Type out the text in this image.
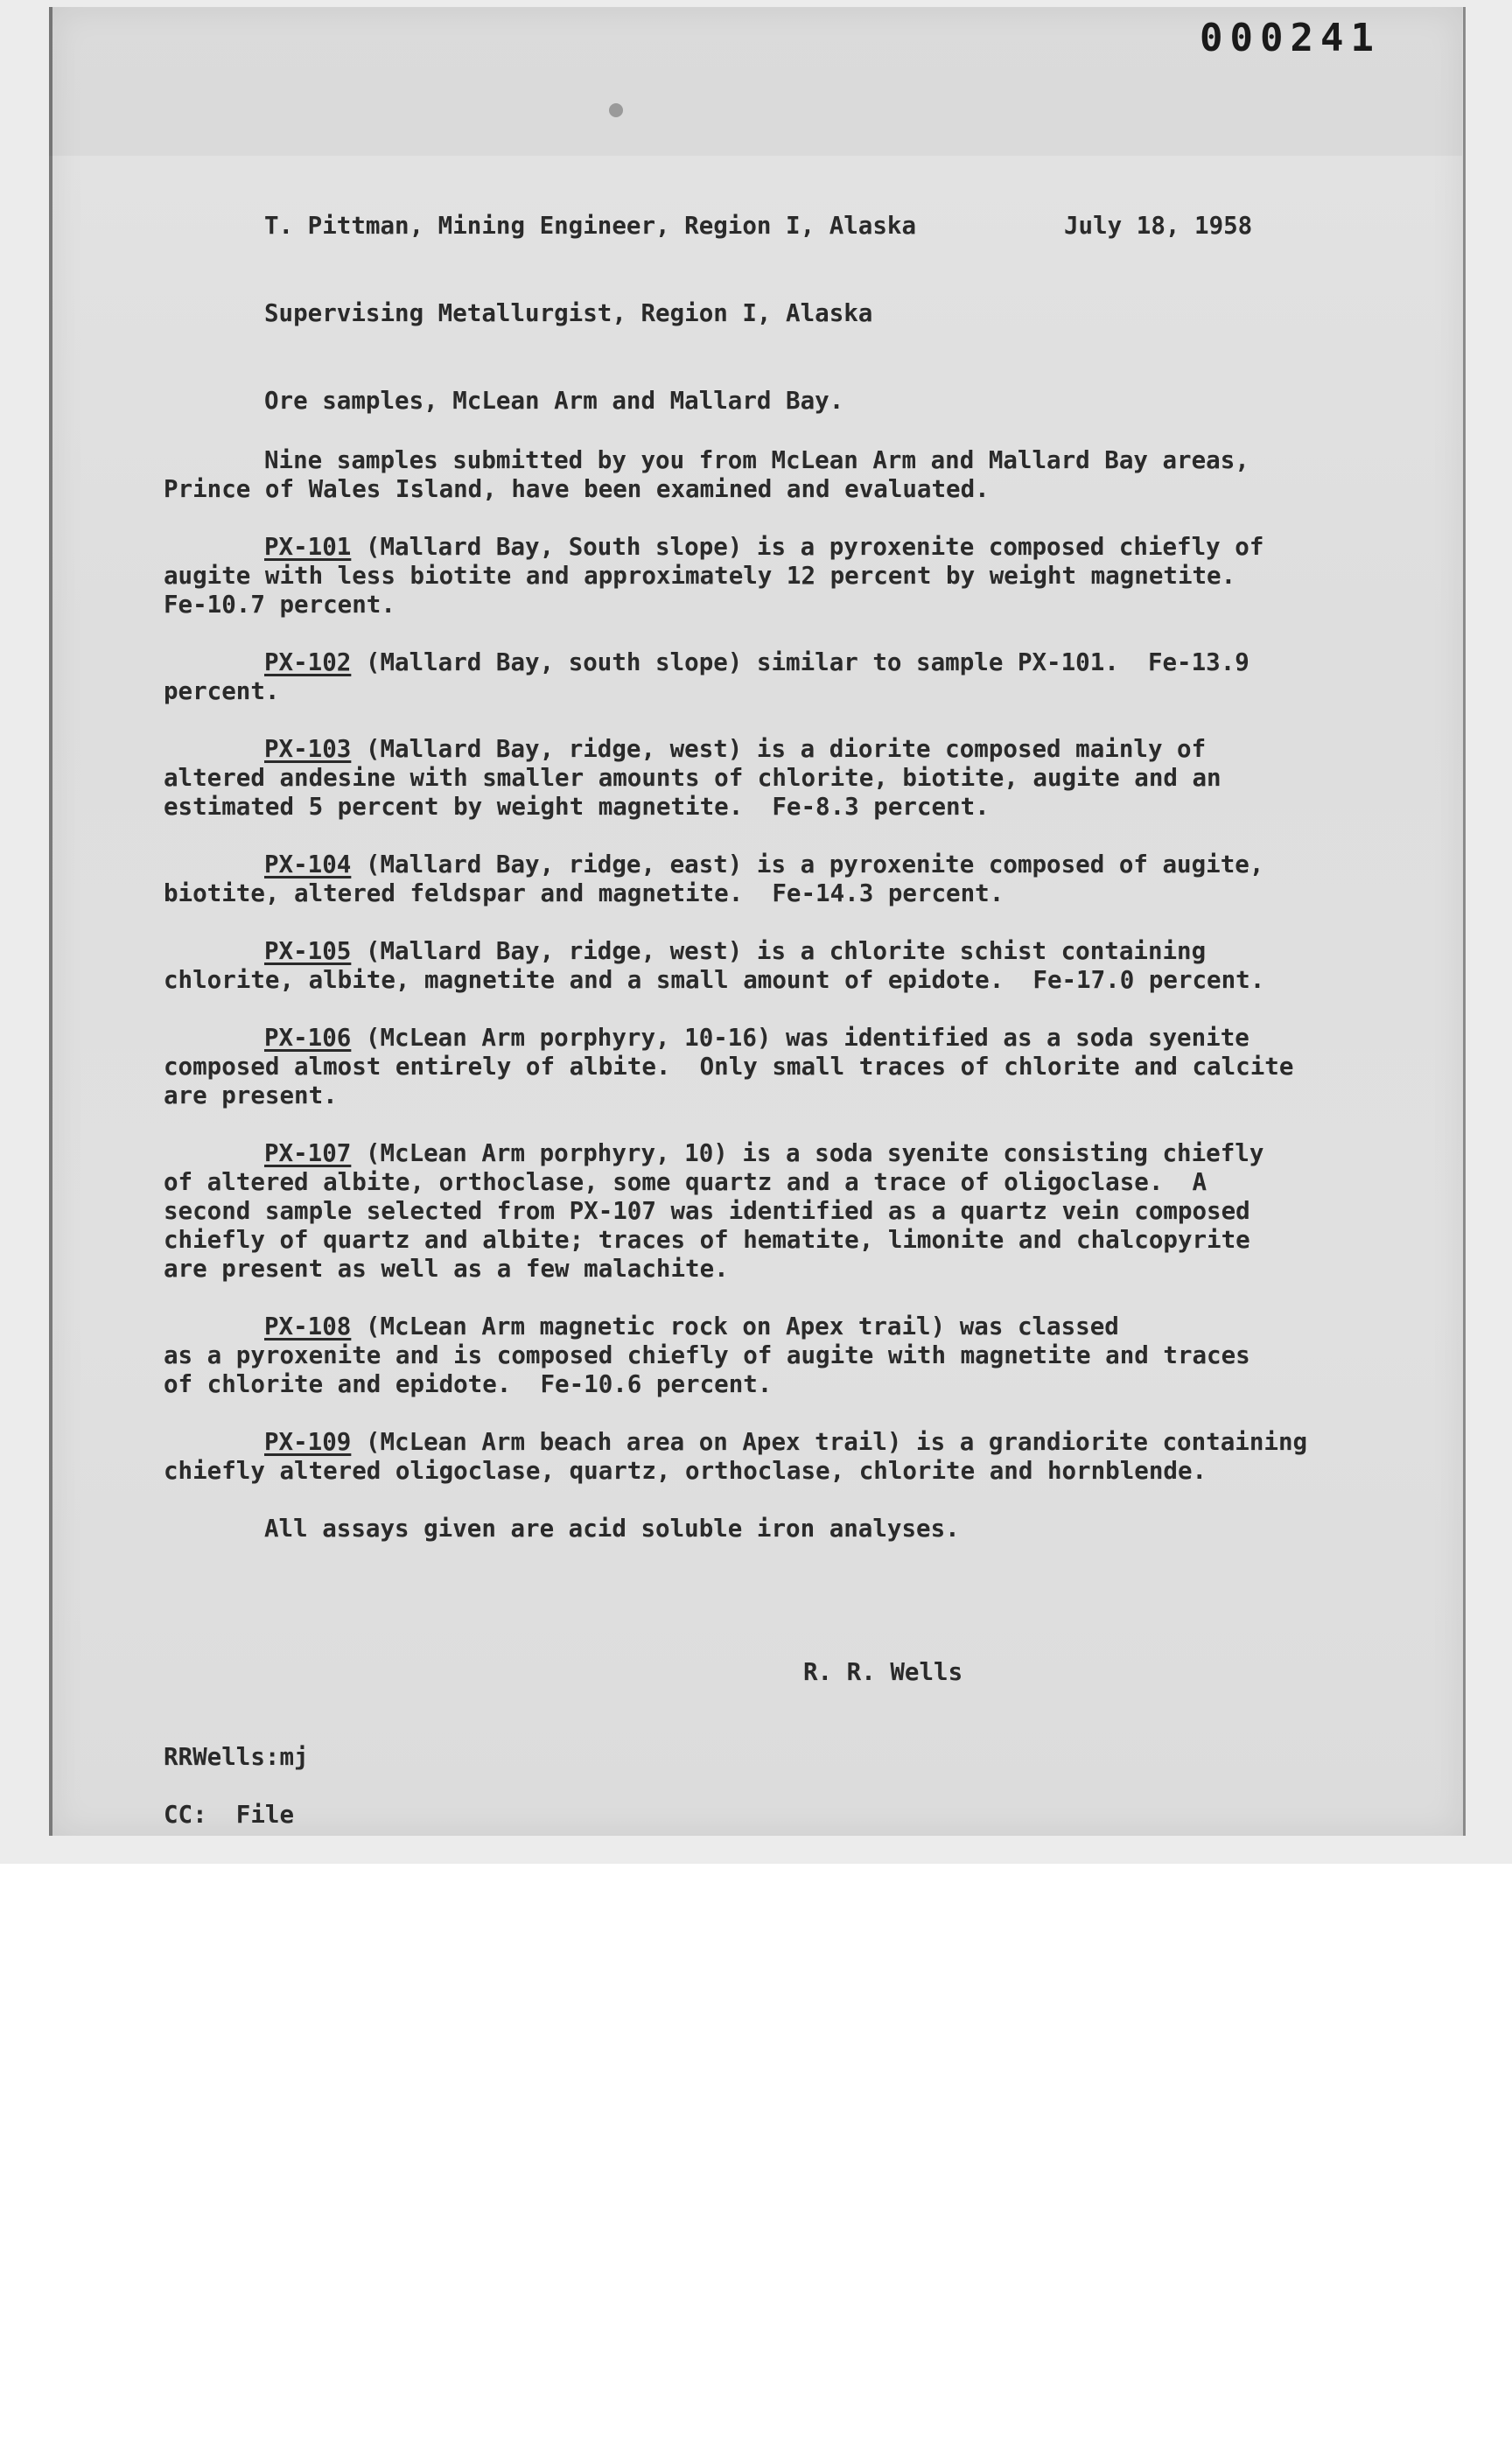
000241
T. Pittman, Mining Engineer, Region I, Alaska	July 18, 1958
Supervising Metallurgist, Region I, Alaska
Ore samples, McLean Arm and Mallard Bay.
Nine samples submitted by you from McLean Arm and Mallard Bay areas,
Prince of Wales Island, have been examined and evaluated.
PX-101 (Mallard Bay, South slope) is a pyroxenite composed chiefly of
augite with less biotite and approximately 12 percent by weight magnetite.
Fe-10.7 percent.
PX-102 (Mallard Bay, south slope) similar to sample PX-101.  Fe-13.9
percent.
PX-103 (Mallard Bay, ridge, west) is a diorite composed mainly of
altered andesine with smaller amounts of chlorite, biotite, augite and an
estimated 5 percent by weight magnetite.  Fe-8.3 percent.
PX-104 (Mallard Bay, ridge, east) is a pyroxenite composed of augite,
biotite, altered feldspar and magnetite.  Fe-14.3 percent.
PX-105 (Mallard Bay, ridge, west) is a chlorite schist containing
chlorite, albite, magnetite and a small amount of epidote.  Fe-17.0 percent.
PX-106 (McLean Arm porphyry, 10-16) was identified as a soda syenite
composed almost entirely of albite.  Only small traces of chlorite and calcite
are present.
PX-107 (McLean Arm porphyry, 10) is a soda syenite consisting chiefly
of altered albite, orthoclase, some quartz and a trace of oligoclase.  A
second sample selected from PX-107 was identified as a quartz vein composed
chiefly of quartz and albite; traces of hematite, limonite and chalcopyrite
are present as well as a few malachite.
PX-108 (McLean Arm magnetic rock on Apex trail) was classed
as a pyroxenite and is composed chiefly of augite with magnetite and traces
of chlorite and epidote.  Fe-10.6 percent.
PX-109 (McLean Arm beach area on Apex trail) is a grandiorite containing
chiefly altered oligoclase, quartz, orthoclase, chlorite and hornblende.
All assays given are acid soluble iron analyses.
R. R. Wells
RRWells:mj
CC:  File
